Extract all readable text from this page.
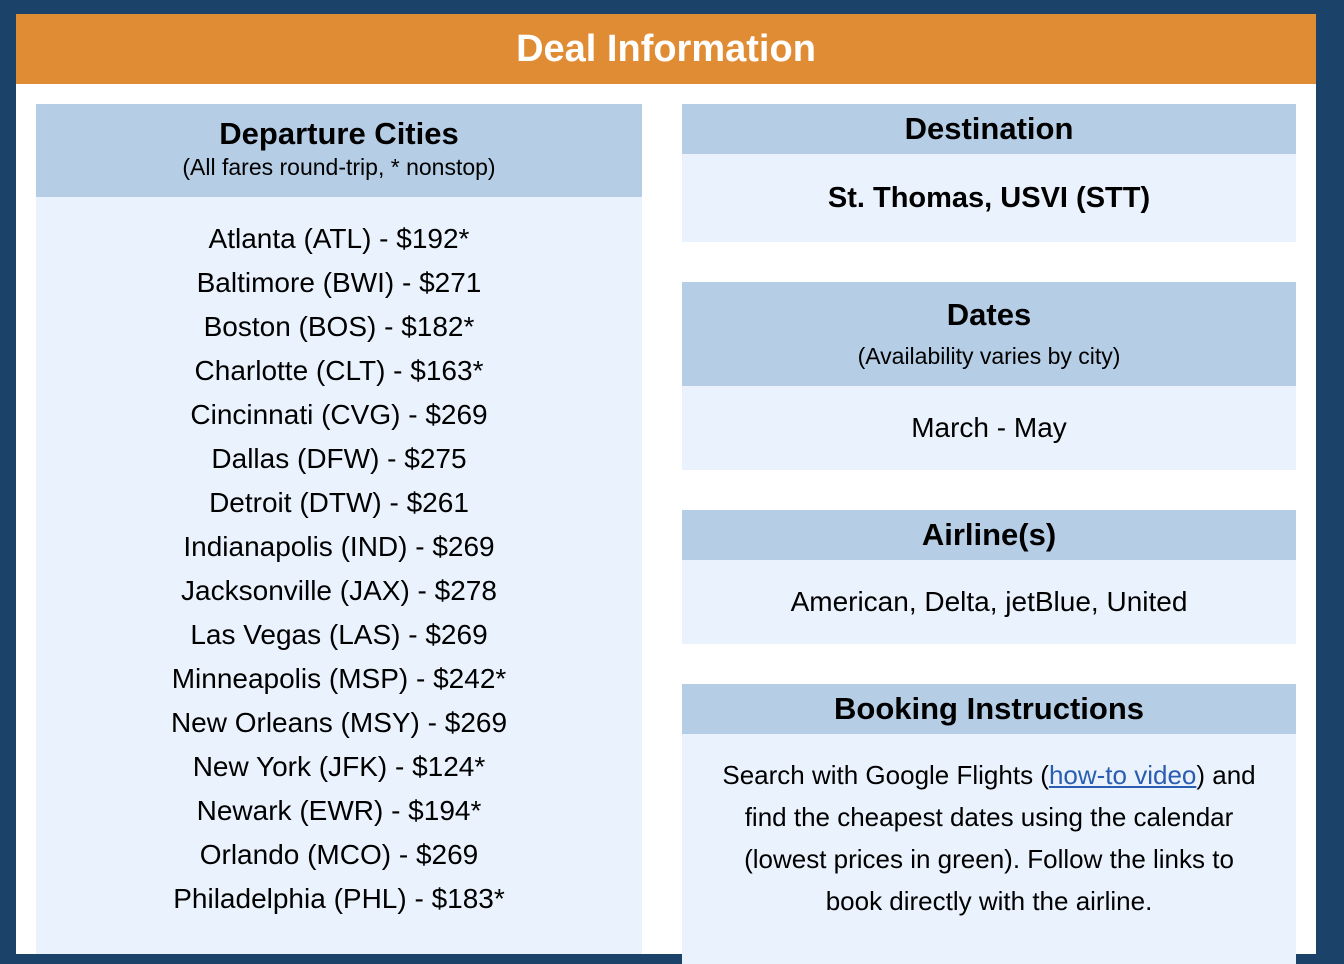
Deal Information
Departure Cities
(All fares round-trip, * nonstop)
Atlanta (ATL) - $192*
Baltimore (BWI) - $271
Boston (BOS) - $182*
Charlotte (CLT) - $163*
Cincinnati (CVG) - $269
Dallas (DFW) - $275
Detroit (DTW) - $261
Indianapolis (IND) - $269
Jacksonville (JAX) - $278
Las Vegas (LAS) - $269
Minneapolis (MSP) - $242*
New Orleans (MSY) - $269
New York (JFK) - $124*
Newark (EWR) - $194*
Orlando (MCO) - $269
Philadelphia (PHL) - $183*
Destination
St. Thomas, USVI (STT)
Dates
(Availability varies by city)
March - May
Airline(s)
American, Delta, jetBlue, United
Booking Instructions
Search with Google Flights (how-to video) and find the cheapest dates using the calendar (lowest prices in green). Follow the links to book directly with the airline.
